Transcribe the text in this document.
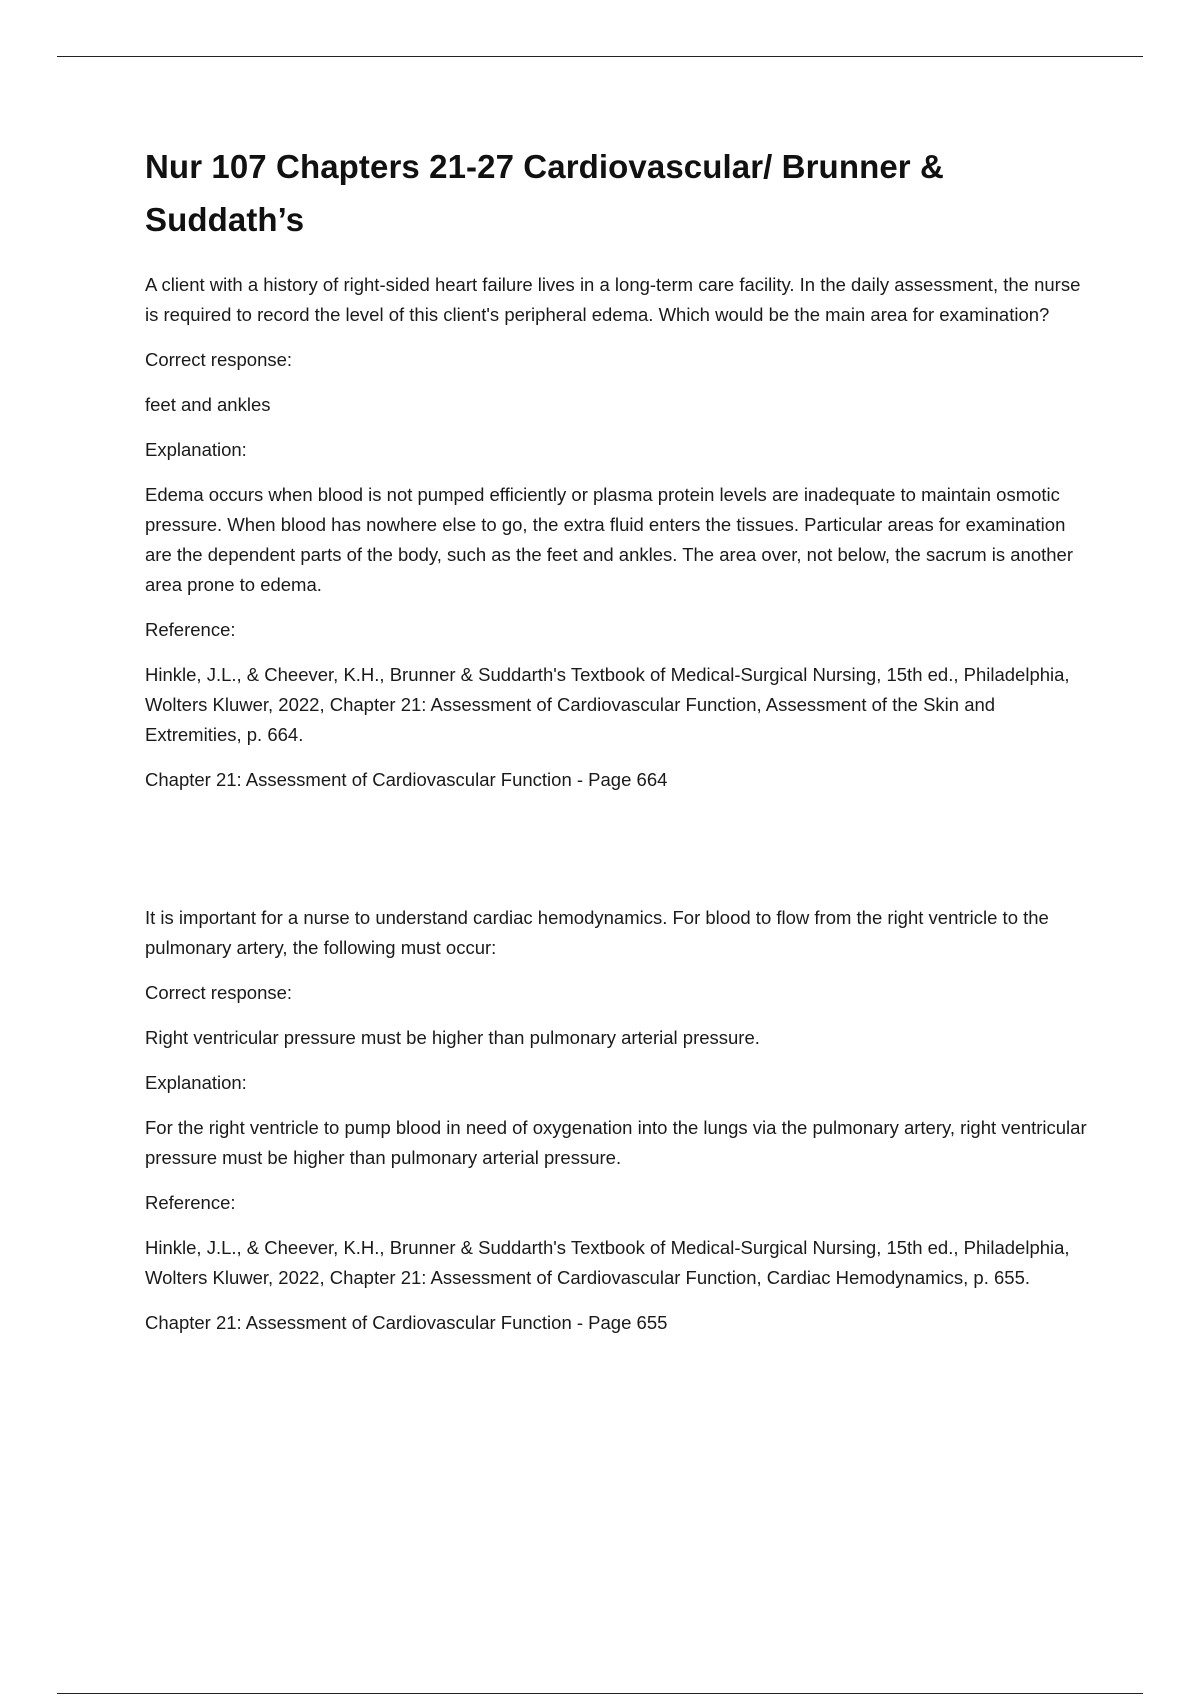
Nur 107 Chapters 21-27 Cardiovascular/ Brunner & Suddath’s

A client with a history of right-sided heart failure lives in a long-term care facility. In the daily assessment, the nurse is required to record the level of this client's peripheral edema. Which would be the main area for examination?

Correct response:

feet and ankles

Explanation:

Edema occurs when blood is not pumped efficiently or plasma protein levels are inadequate to maintain osmotic pressure. When blood has nowhere else to go, the extra fluid enters the tissues. Particular areas for examination are the dependent parts of the body, such as the feet and ankles. The area over, not below, the sacrum is another area prone to edema.

Reference:

Hinkle, J.L., & Cheever, K.H., Brunner & Suddarth's Textbook of Medical-Surgical Nursing, 15th ed., Philadelphia, Wolters Kluwer, 2022, Chapter 21: Assessment of Cardiovascular Function, Assessment of the Skin and Extremities, p. 664.

Chapter 21: Assessment of Cardiovascular Function - Page 664

It is important for a nurse to understand cardiac hemodynamics. For blood to flow from the right ventricle to the pulmonary artery, the following must occur:

Correct response:

Right ventricular pressure must be higher than pulmonary arterial pressure.

Explanation:

For the right ventricle to pump blood in need of oxygenation into the lungs via the pulmonary artery, right ventricular pressure must be higher than pulmonary arterial pressure.

Reference:

Hinkle, J.L., & Cheever, K.H., Brunner & Suddarth's Textbook of Medical-Surgical Nursing, 15th ed., Philadelphia, Wolters Kluwer, 2022, Chapter 21: Assessment of Cardiovascular Function, Cardiac Hemodynamics, p. 655.

Chapter 21: Assessment of Cardiovascular Function - Page 655
